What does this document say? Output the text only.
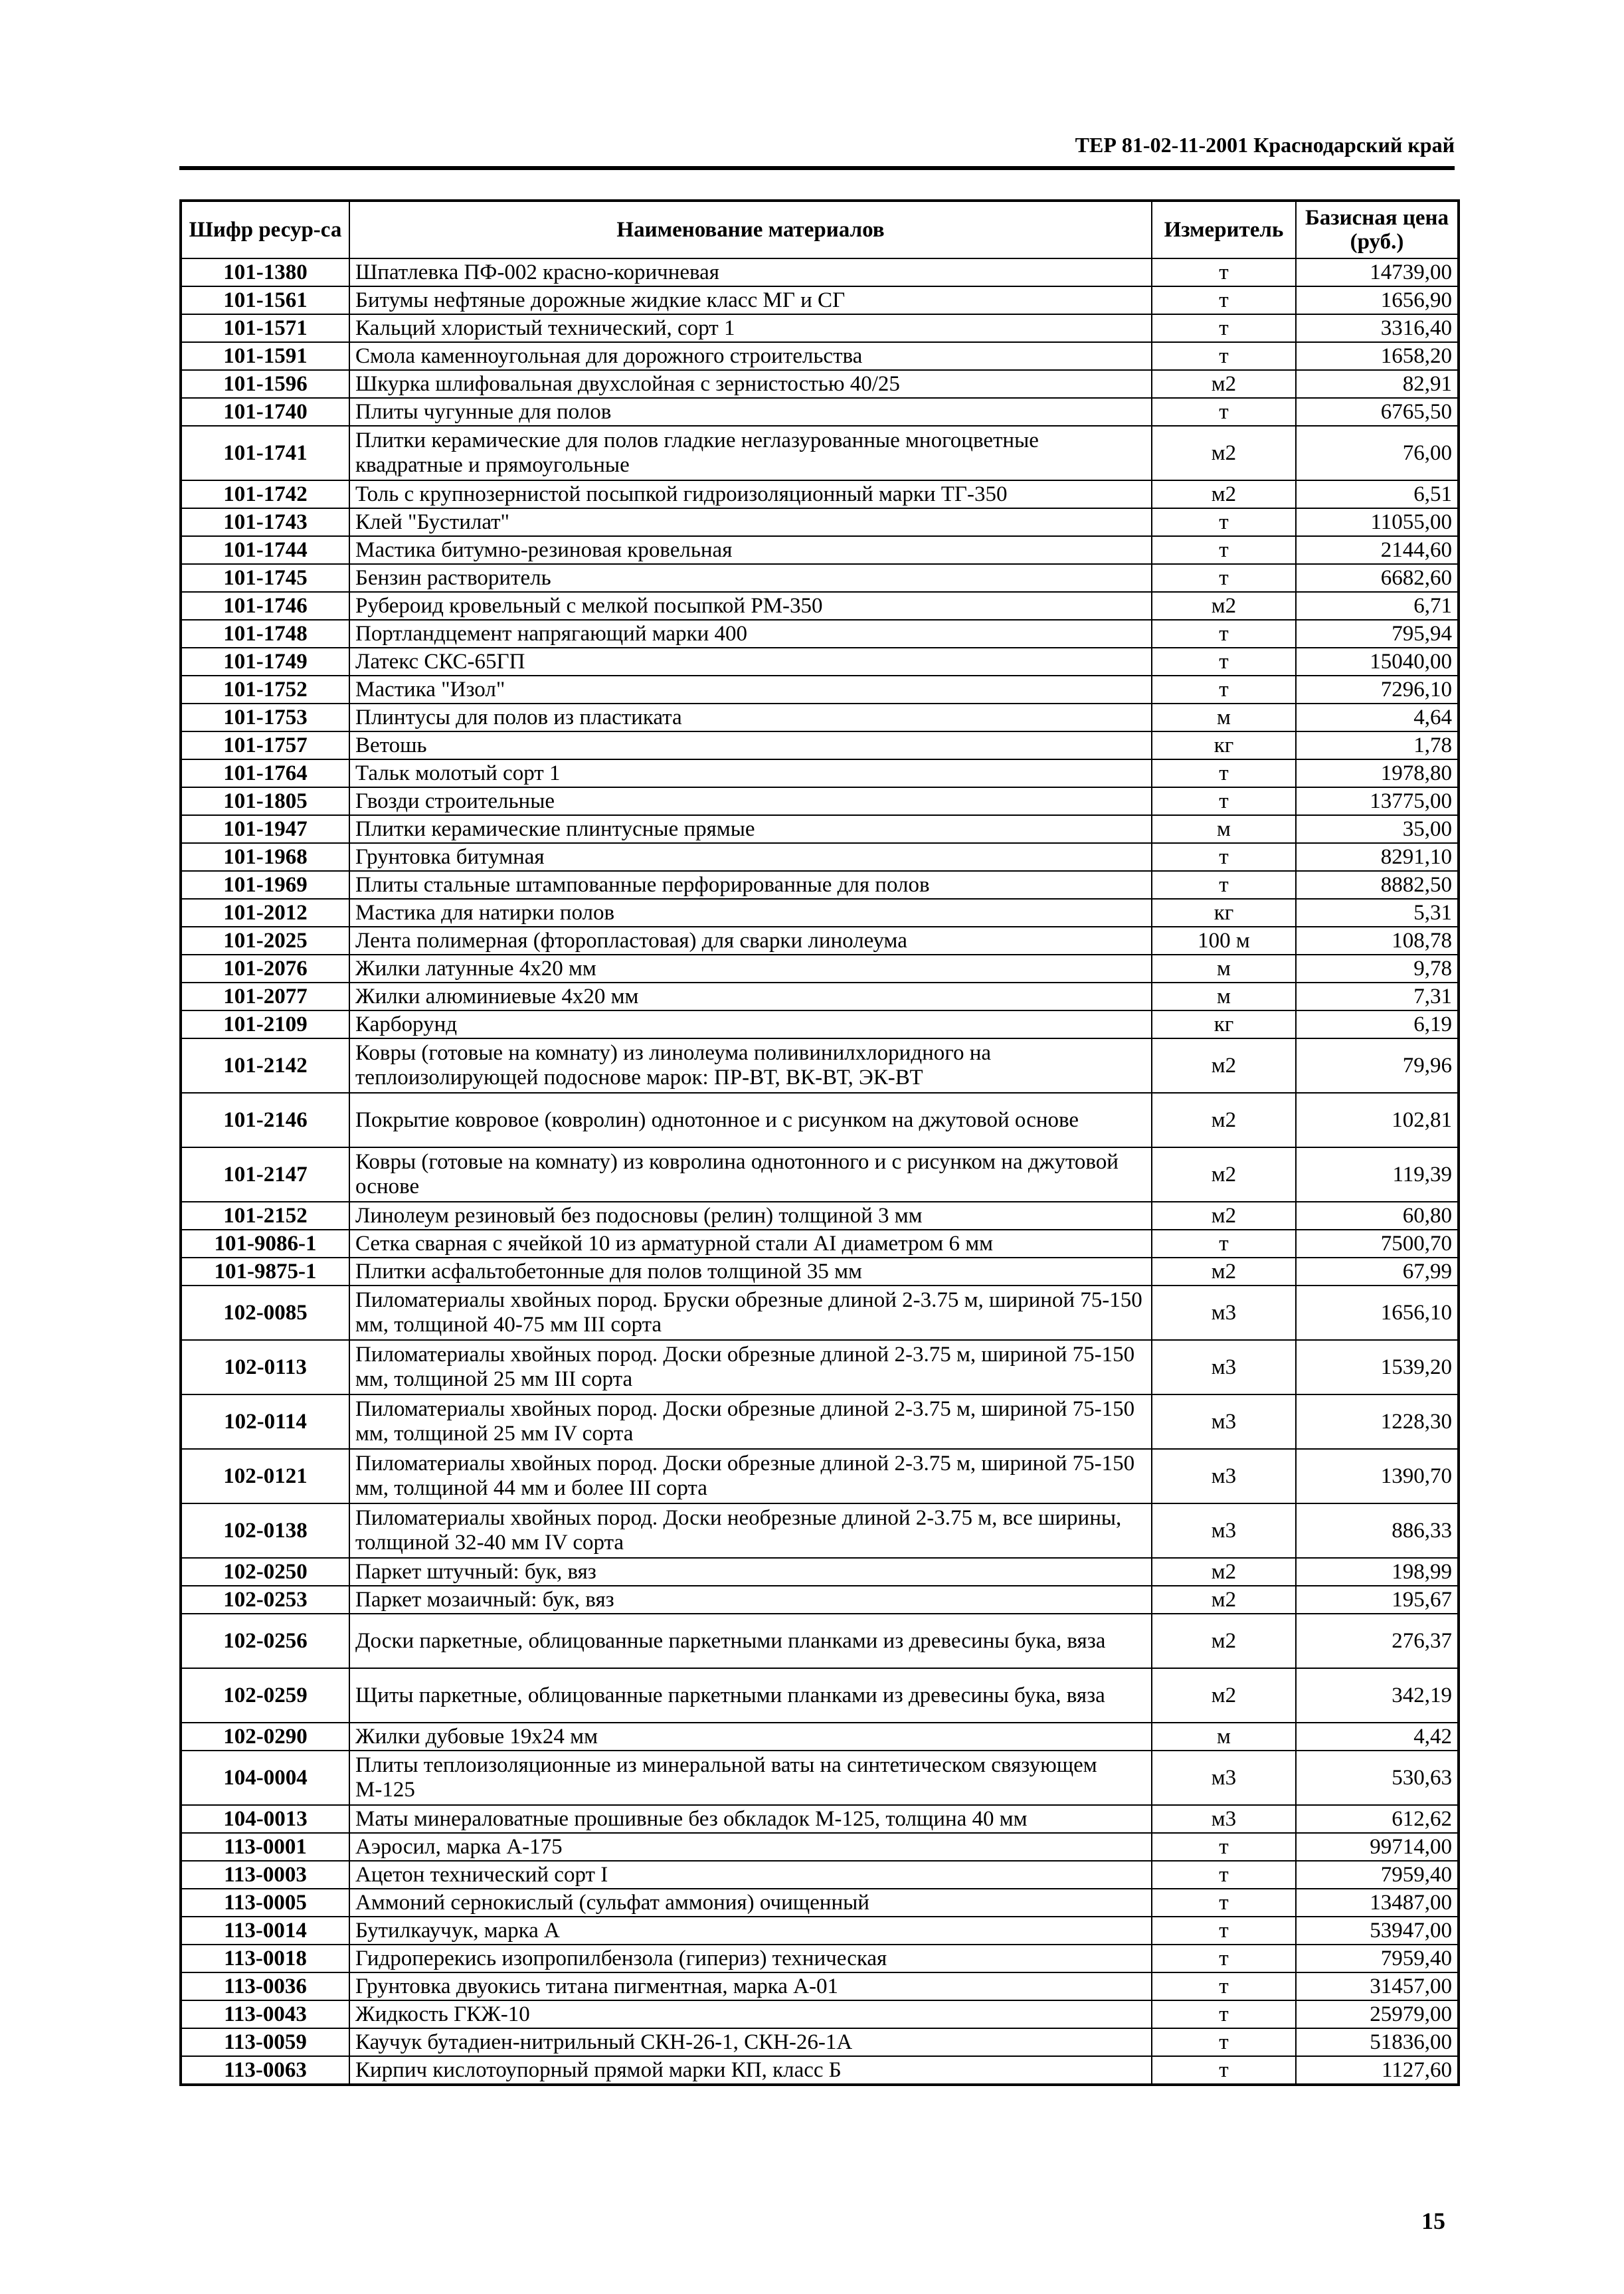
ТЕР 81-02-11-2001 Краснодарский край
Шифр ресур-са	Наименование материалов	Измеритель	Базисная цена (руб.)
101-1380	Шпатлевка ПФ-002 красно-коричневая	т	14739,00
101-1561	Битумы нефтяные дорожные жидкие класс МГ и СГ	т	1656,90
101-1571	Кальций хлористый технический, сорт 1	т	3316,40
101-1591	Смола каменноугольная для дорожного строительства	т	1658,20
101-1596	Шкурка шлифовальная двухслойная с зернистостью 40/25	м2	82,91
101-1740	Плиты чугунные для полов	т	6765,50
101-1741	Плитки керамические для полов гладкие неглазурованные многоцветные квадратные и прямоугольные	м2	76,00
101-1742	Толь с крупнозернистой посыпкой гидроизоляционный марки ТГ-350	м2	6,51
101-1743	Клей "Бустилат"	т	11055,00
101-1744	Мастика битумно-резиновая кровельная	т	2144,60
101-1745	Бензин растворитель	т	6682,60
101-1746	Рубероид кровельный с мелкой посыпкой РМ-350	м2	6,71
101-1748	Портландцемент напрягающий марки 400	т	795,94
101-1749	Латекс СКС-65ГП	т	15040,00
101-1752	Мастика "Изол"	т	7296,10
101-1753	Плинтусы для полов из пластиката	м	4,64
101-1757	Ветошь	кг	1,78
101-1764	Тальк молотый сорт 1	т	1978,80
101-1805	Гвозди строительные	т	13775,00
101-1947	Плитки керамические плинтусные прямые	м	35,00
101-1968	Грунтовка битумная	т	8291,10
101-1969	Плиты стальные штампованные перфорированные для полов	т	8882,50
101-2012	Мастика для натирки полов	кг	5,31
101-2025	Лента полимерная (фторопластовая) для сварки линолеума	100 м	108,78
101-2076	Жилки латунные 4х20 мм	м	9,78
101-2077	Жилки алюминиевые 4х20 мм	м	7,31
101-2109	Карборунд	кг	6,19
101-2142	Ковры (готовые на комнату) из линолеума поливинилхлоридного на теплоизолирующей подосновe марок: ПР-ВТ, ВК-ВТ, ЭК-ВТ	м2	79,96
101-2146	Покрытие ковровое (ковролин) однотонное и с рисунком на джутовой основе	м2	102,81
101-2147	Ковры (готовые на комнату) из ковролина однотонного и с рисунком на джутовой основе	м2	119,39
101-2152	Линолеум резиновый без подосновы (релин) толщиной 3 мм	м2	60,80
101-9086-1	Сетка сварная с ячейкой 10 из арматурной стали AI диаметром 6 мм	т	7500,70
101-9875-1	Плитки асфальтобетонные для полов толщиной 35 мм	м2	67,99
102-0085	Пиломатериалы хвойных пород. Бруски обрезные длиной 2-3.75 м, шириной 75-150 мм, толщиной 40-75 мм III сорта	м3	1656,10
102-0113	Пиломатериалы хвойных пород. Доски обрезные длиной 2-3.75 м, шириной 75-150 мм, толщиной 25 мм III сорта	м3	1539,20
102-0114	Пиломатериалы хвойных пород. Доски обрезные длиной 2-3.75 м, шириной 75-150 мм, толщиной 25 мм IV сорта	м3	1228,30
102-0121	Пиломатериалы хвойных пород. Доски обрезные длиной 2-3.75 м, шириной 75-150 мм, толщиной 44 мм и более III сорта	м3	1390,70
102-0138	Пиломатериалы хвойных пород. Доски необрезные длиной 2-3.75 м, все ширины, толщиной 32-40 мм IV сорта	м3	886,33
102-0250	Паркет штучный: бук, вяз	м2	198,99
102-0253	Паркет мозаичный: бук, вяз	м2	195,67
102-0256	Доски паркетные, облицованные паркетными планками из древесины бука, вяза	м2	276,37
102-0259	Щиты паркетные, облицованные паркетными планками из древесины бука, вяза	м2	342,19
102-0290	Жилки дубовые 19х24 мм	м	4,42
104-0004	Плиты теплоизоляционные из минеральной ваты на синтетическом связующем М-125	м3	530,63
104-0013	Маты минераловатные прошивные без обкладок М-125, толщина 40 мм	м3	612,62
113-0001	Аэросил, марка А-175	т	99714,00
113-0003	Ацетон технический сорт I	т	7959,40
113-0005	Аммоний сернокислый (сульфат аммония) очищенный	т	13487,00
113-0014	Бутилкаучук, марка А	т	53947,00
113-0018	Гидроперекись изопропилбензола (гипериз) техническая	т	7959,40
113-0036	Грунтовка двуокись титана пигментная, марка А-01	т	31457,00
113-0043	Жидкость ГКЖ-10	т	25979,00
113-0059	Каучук бутадиен-нитрильный СКН-26-1, СКН-26-1А	т	51836,00
113-0063	Кирпич кислотоупорный прямой марки КП, класс Б	т	1127,60
15
